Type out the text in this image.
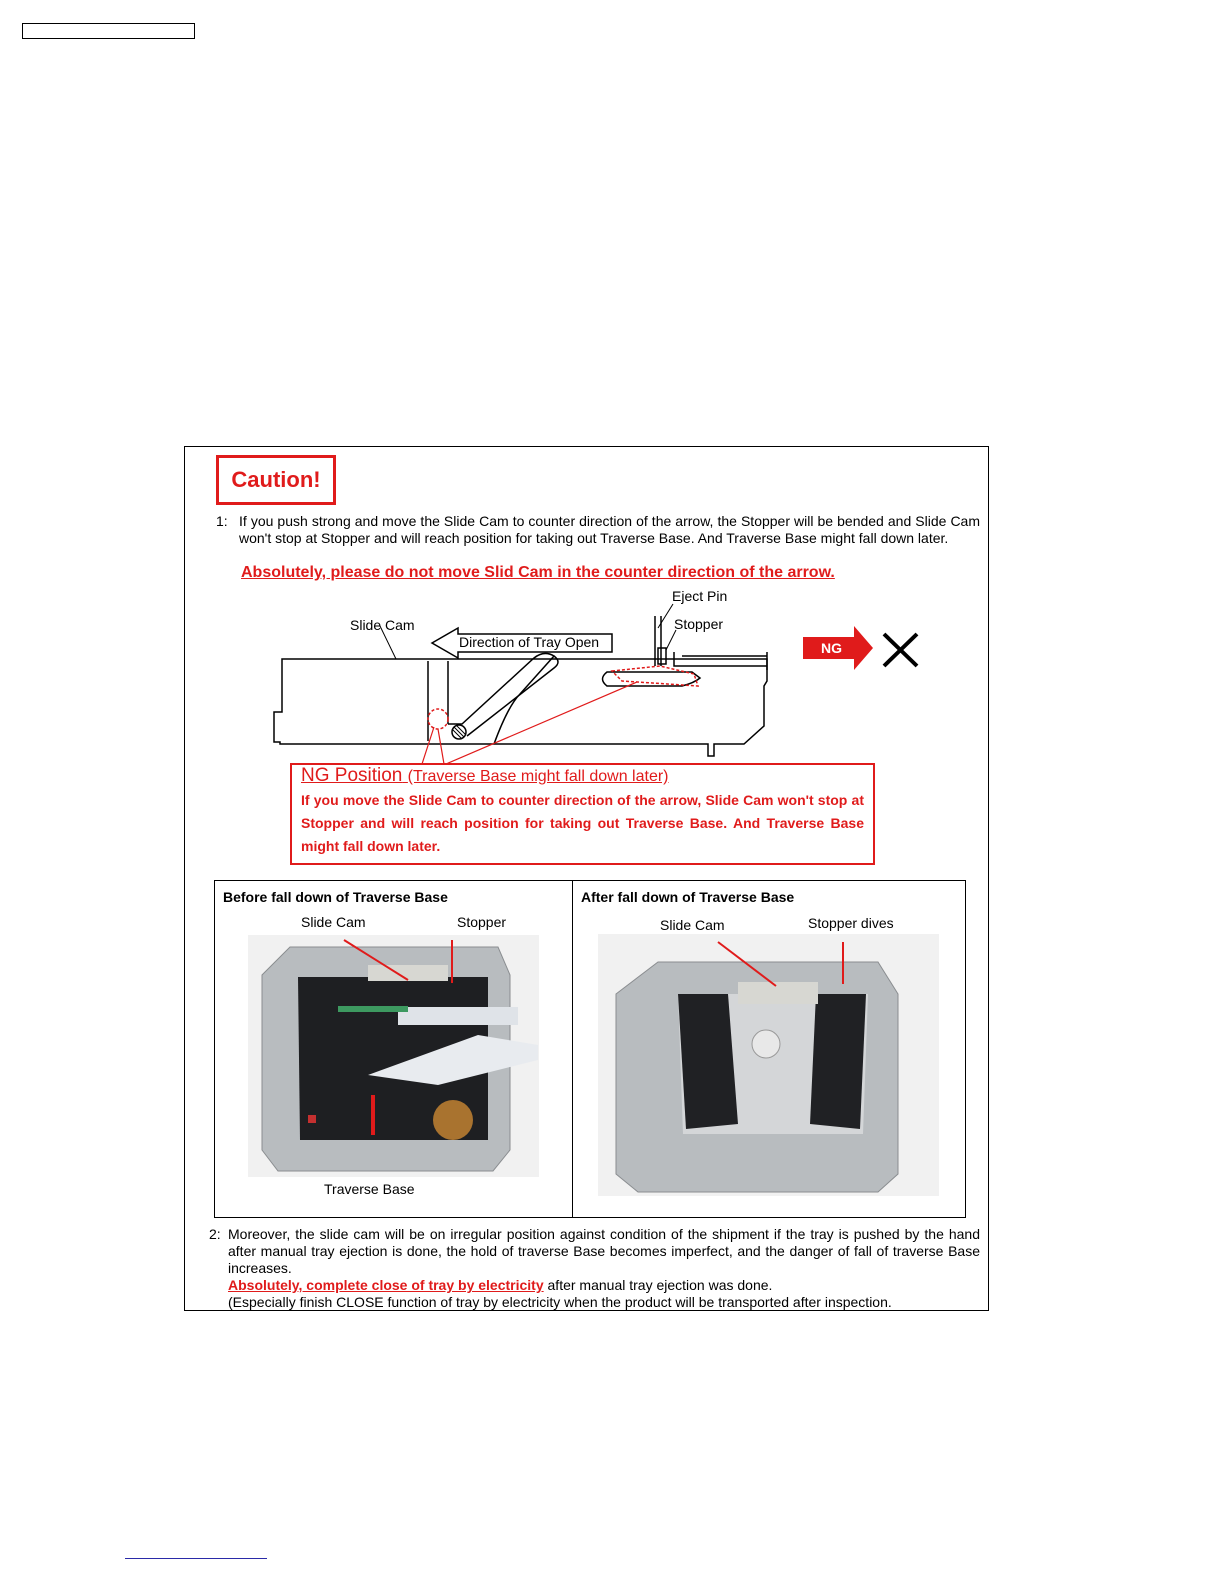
Caution!
1: If you push strong and move the Slide Cam to counter direction of the arrow, the Stopper will be bended and Slide Cam won't stop at Stopper and will reach position for taking out Traverse Base. And Traverse Base might fall down later.
Absolutely, please do not move Slid Cam in the counter direction of the arrow.
Direction of Tray Open
Slide Cam
Eject Pin
Stopper
NG
NG Position (Traverse Base might fall down later)
If you move the Slide Cam to counter direction of the arrow, Slide Cam won't stop at Stopper and will reach position for taking out Traverse Base. And Traverse Base might fall down later.
Before fall down of Traverse Base
Slide Cam	Stopper
Traverse Base
After fall down of Traverse Base
Slide Cam	Stopper dives
2: Moreover, the slide cam will be on irregular position against condition of the shipment if the tray is pushed by the hand after manual tray ejection is done, the hold of traverse Base becomes imperfect, and the danger of fall of traverse Base increases.
Absolutely, complete close of tray by electricity after manual tray ejection was done.
(Especially finish CLOSE function of tray by electricity when the product will be transported after inspection.
